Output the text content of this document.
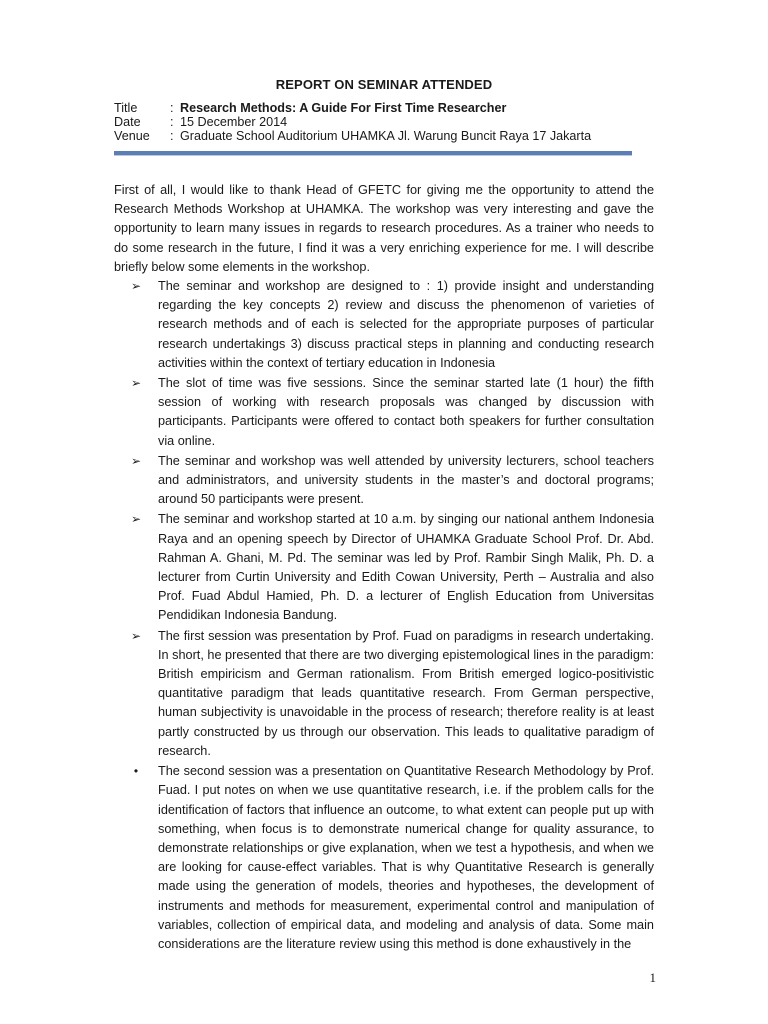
REPORT ON SEMINAR ATTENDED
Title	: Research Methods: A Guide For First Time Researcher
Date	: 15 December 2014
Venue	: Graduate School Auditorium UHAMKA Jl. Warung Buncit Raya 17 Jakarta

First of all, I would like to thank Head of GFETC for giving me the opportunity to attend the Research Methods Workshop at UHAMKA. The workshop was very interesting and gave the opportunity to learn many issues in regards to research procedures. As a trainer who needs to do some research in the future, I find it was a very enriching experience for me. I will describe briefly below some elements in the workshop.

➢	The seminar and workshop are designed to : 1) provide insight and understanding regarding the key concepts 2) review and discuss the phenomenon of varieties of research methods and of each is selected for the appropriate purposes of particular research undertakings 3) discuss practical steps in planning and conducting research activities within the context of tertiary education in Indonesia
➢	The slot of time was five sessions. Since the seminar started late (1 hour) the fifth session of working with research proposals was changed by discussion with participants. Participants were offered to contact both speakers for further consultation via online.
➢	The seminar and workshop was well attended by university lecturers, school teachers and administrators, and university students in the master’s and doctoral programs; around 50 participants were present.
➢	The seminar and workshop started at 10 a.m. by singing our national anthem Indonesia Raya and an opening speech by Director of UHAMKA Graduate School Prof. Dr. Abd. Rahman A. Ghani, M. Pd. The seminar was led by Prof. Rambir Singh Malik, Ph. D. a lecturer from Curtin University and Edith Cowan University, Perth – Australia and also Prof. Fuad Abdul Hamied, Ph. D. a lecturer of English Education from Universitas Pendidikan Indonesia Bandung.
➢	The first session was presentation by Prof. Fuad on paradigms in research undertaking. In short, he presented that there are two diverging epistemological lines in the paradigm: British empiricism and German rationalism. From British emerged logico-positivistic quantitative paradigm that leads quantitative research. From German perspective, human subjectivity is unavoidable in the process of research; therefore reality is at least partly constructed by us through our observation. This leads to qualitative paradigm of research.
•	The second session was a presentation on Quantitative Research Methodology by Prof. Fuad. I put notes on when we use quantitative research, i.e. if the problem calls for the identification of factors that influence an outcome, to what extent can people put up with something, when focus is to demonstrate numerical change for quality assurance, to demonstrate relationships or give explanation, when we test a hypothesis, and when we are looking for cause-effect variables. That is why Quantitative Research is generally made using the generation of models, theories and hypotheses, the development of instruments and methods for measurement, experimental control and manipulation of variables, collection of empirical data, and modeling and analysis of data. Some main considerations are the literature review using this method is done exhaustively in the
1
